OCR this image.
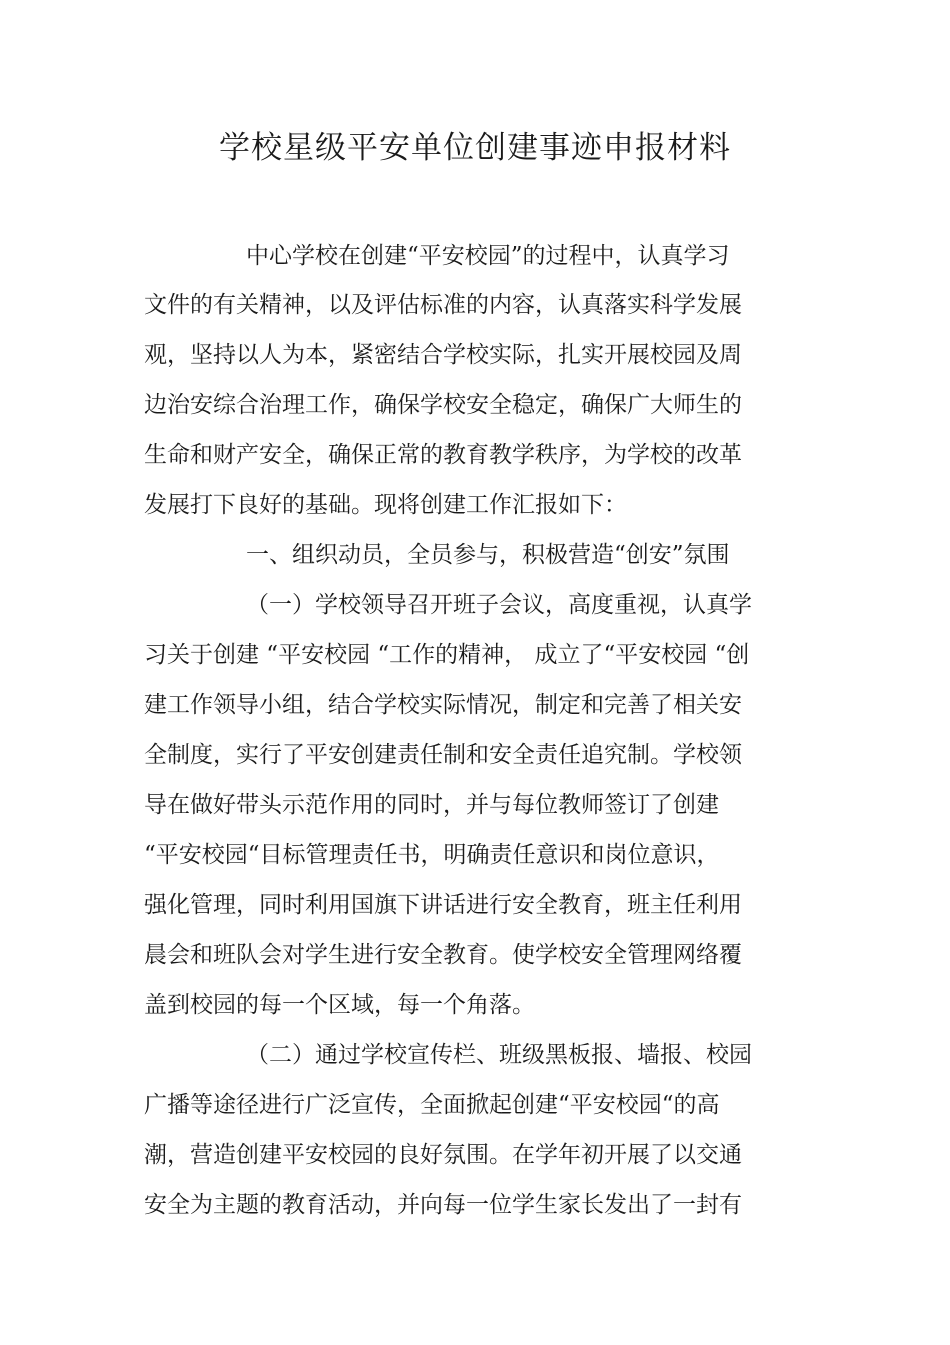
学校星级平安单位创建事迹申报材料
中心学校在创建“平安校园”的过程中，认真学习
文件的有关精神，以及评估标准的内容，认真落实科学发展
观，坚持以人为本，紧密结合学校实际，扎实开展校园及周
边治安综合治理工作，确保学校安全稳定，确保广大师生的
生命和财产安全，确保正常的教育教学秩序，为学校的改革
发展打下良好的基础。现将创建工作汇报如下：
一、组织动员，全员参与，积极营造“创安”氛围
（一）学校领导召开班子会议，高度重视，认真学
习关于创建 “平安校园 “工作的精神， 成立了“平安校园 “创
建工作领导小组，结合学校实际情况，制定和完善了相关安
全制度，实行了平安创建责任制和安全责任追究制。学校领
导在做好带头示范作用的同时，并与每位教师签订了创建
“平安校园“目标管理责任书，明确责任意识和岗位意识，
强化管理，同时利用国旗下讲话进行安全教育，班主任利用
晨会和班队会对学生进行安全教育。使学校安全管理网络覆
盖到校园的每一个区域，每一个角落。
（二）通过学校宣传栏、班级黑板报、墙报、校园
广播等途径进行广泛宣传，全面掀起创建“平安校园“的高
潮，营造创建平安校园的良好氛围。在学年初开展了以交通
安全为主题的教育活动，并向每一位学生家长发出了一封有
